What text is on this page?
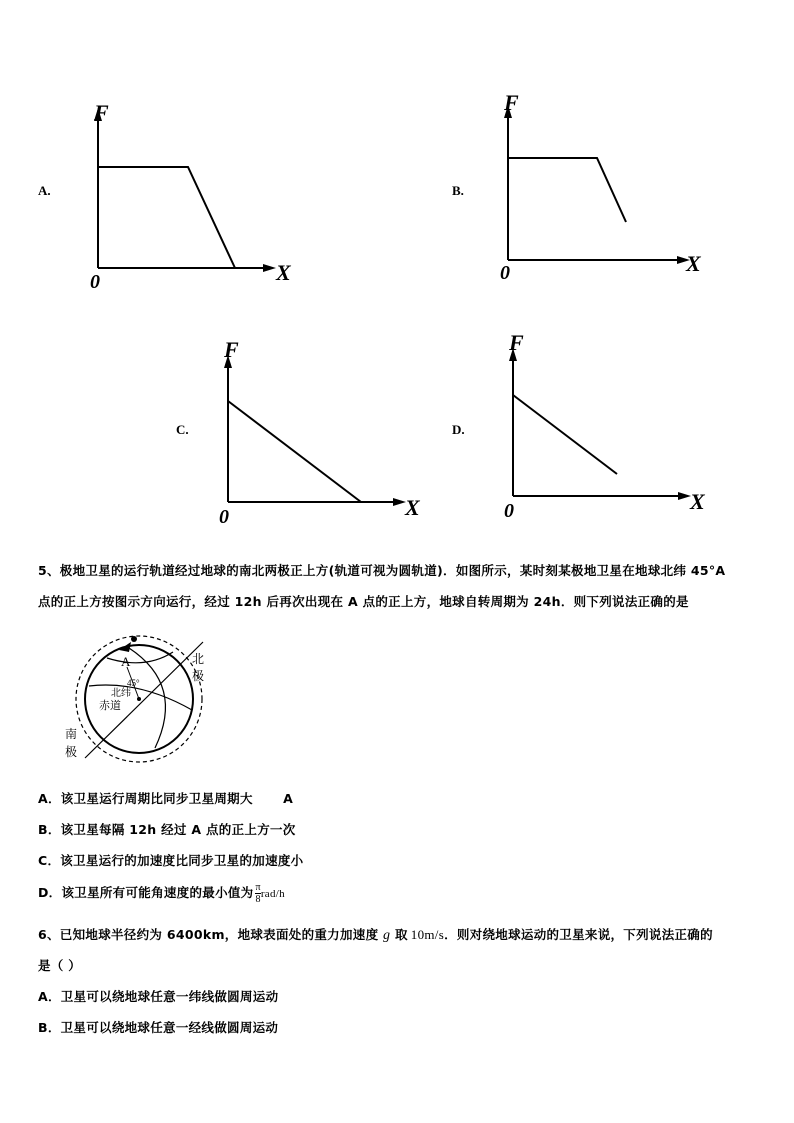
A.
F
X
0
B.
F
X
0
C.
F
X
0
D.
F
X
0
5、极地卫星的运行轨道经过地球的南北两极正上方(轨道可视为圆轨道)．如图所示，某时刻某极地卫星在地球北纬 45°A
点的正上方按图示方向运行，经过 12h 后再次出现在 A 点的正上方，地球自转周期为 24h．则下列说法正确的是
A	北
极
南
极
赤道
北纬
45°
A．该卫星运行周期比同步卫星周期大 A
B．该卫星每隔 12h 经过 A 点的正上方一次
C．该卫星运行的加速度比同步卫星的加速度小
D．该卫星所有可能角速度的最小值为 $\frac{\pi}{8} rad/h$
6、已知地球半径约为 6400km，地球表面处的重力加速度 g 取 10m/s．则对绕地球运动的卫星来说，下列说法正确的
是（ ）
A．卫星可以绕地球任意一纬线做圆周运动
B．卫星可以绕地球任意一经线做圆周运动
